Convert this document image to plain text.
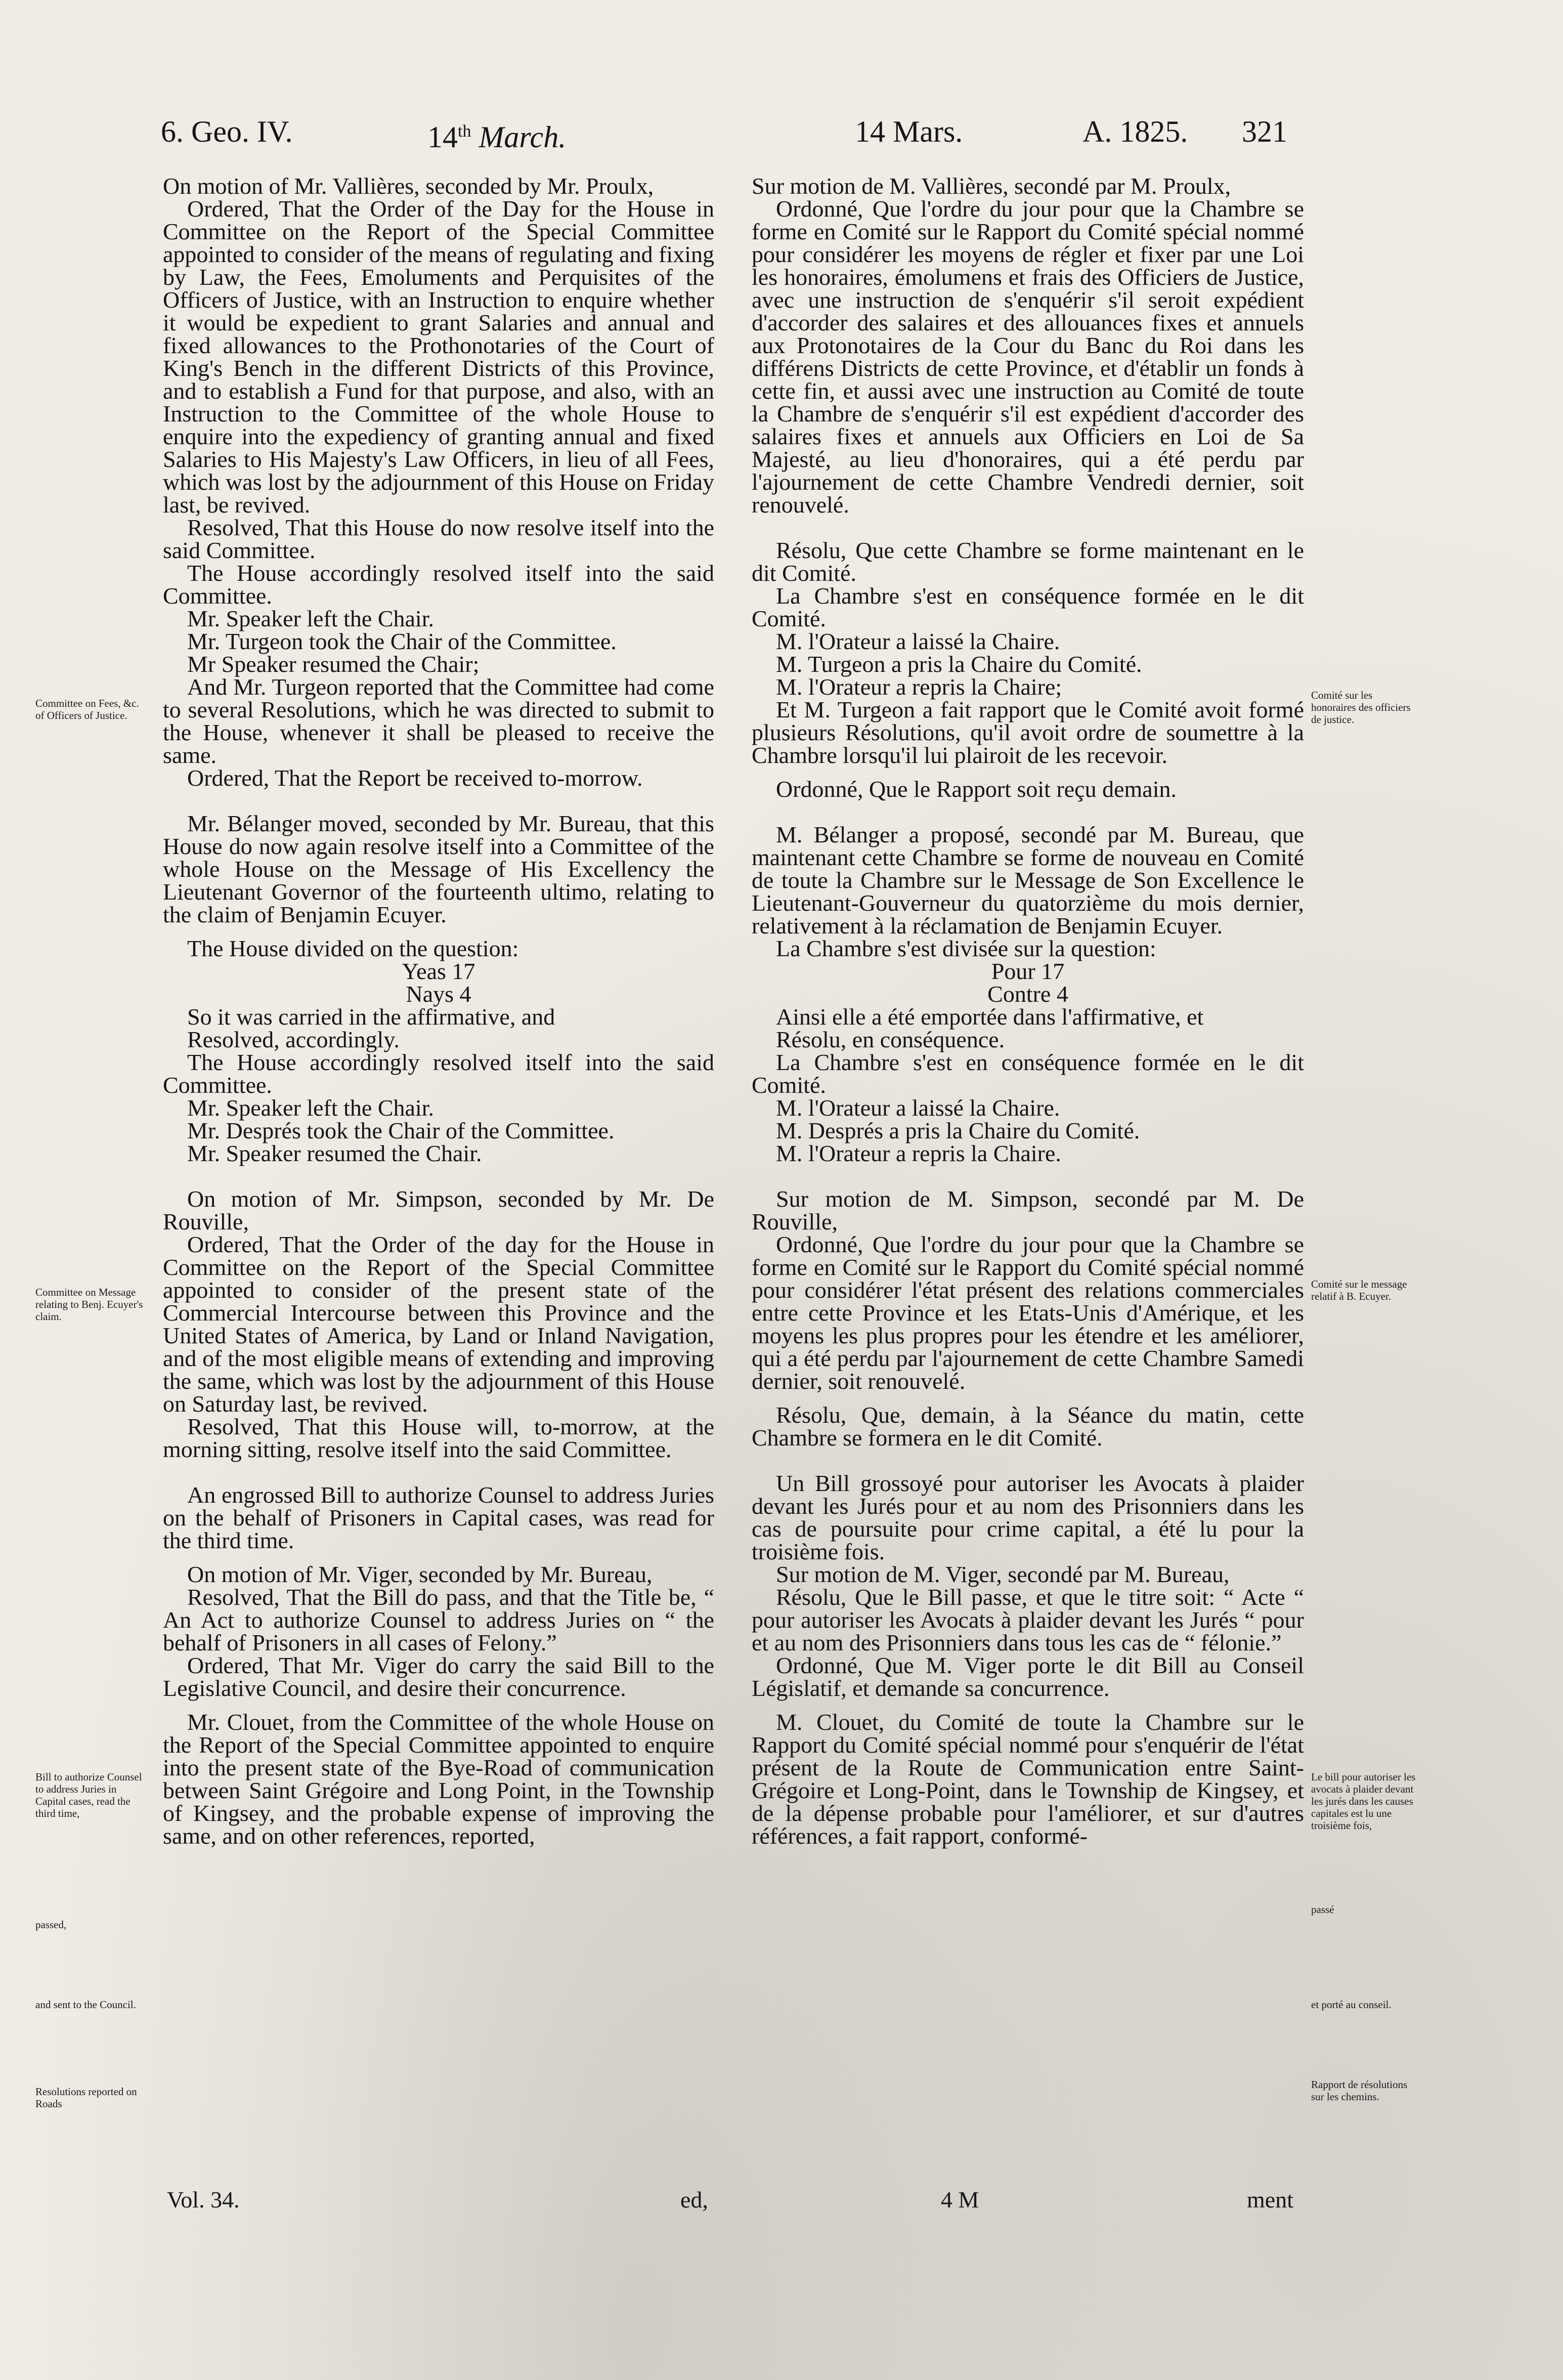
6. Geo. IV.	14th March.	14 Mars.	A. 1825. 321

On motion of Mr. Vallières, seconded by Mr. Proulx,

Ordered, That the Order of the Day for the House in Committee on the Report of the Special Committee appointed to consider of the means of regulating and fixing by Law, the Fees, Emoluments and Perquisites of the Officers of Justice, with an Instruction to enquire whether it would be expedient to grant Salaries and annual and fixed allowances to the Prothonotaries of the Court of King's Bench in the different Districts of this Province, and to establish a Fund for that purpose, and also, with an Instruction to the Committee of the whole House to enquire into the expediency of granting annual and fixed Salaries to His Majesty's Law Officers, in lieu of all Fees, which was lost by the adjournment of this House on Friday last, be revived.

Resolved, That this House do now resolve itself into the said Committee.

The House accordingly resolved itself into the said Committee.

Mr. Speaker left the Chair.

Mr. Turgeon took the Chair of the Committee.

Mr Speaker resumed the Chair;

And Mr. Turgeon reported that the Committee had come to several Resolutions, which he was directed to submit to the House, whenever it shall be pleased to receive the same.

Ordered, That the Report be received to-morrow.

Mr. Bélanger moved, seconded by Mr. Bureau, that this House do now again resolve itself into a Committee of the whole House on the Message of His Excellency the Lieutenant Governor of the fourteenth ultimo, relating to the claim of Benjamin Ecuyer.

The House divided on the question:

Yeas 17

Nays 4

So it was carried in the affirmative, and

Resolved, accordingly.

The House accordingly resolved itself into the said Committee.

Mr. Speaker left the Chair.

Mr. Després took the Chair of the Committee.

Mr. Speaker resumed the Chair.

On motion of Mr. Simpson, seconded by Mr. De Rouville,

Ordered, That the Order of the day for the House in Committee on the Report of the Special Committee appointed to consider of the present state of the Commercial Intercourse between this Province and the United States of America, by Land or Inland Navigation, and of the most eligible means of extending and improving the same, which was lost by the adjournment of this House on Saturday last, be revived.

Resolved, That this House will, to-morrow, at the morning sitting, resolve itself into the said Committee.

An engrossed Bill to authorize Counsel to address Juries on the behalf of Prisoners in Capital cases, was read for the third time.

On motion of Mr. Viger, seconded by Mr. Bureau,

Resolved, That the Bill do pass, and that the Title be, “ An Act to authorize Counsel to address Juries on “ the behalf of Prisoners in all cases of Felony.”

Ordered, That Mr. Viger do carry the said Bill to the Legislative Council, and desire their concurrence.

Mr. Clouet, from the Committee of the whole House on the Report of the Special Committee appointed to enquire into the present state of the Bye-Road of communication between Saint Grégoire and Long Point, in the Township of Kingsey, and the probable expense of improving the same, and on other references, reported,

Sur motion de M. Vallières, secondé par M. Proulx,

Ordonné, Que l'ordre du jour pour que la Chambre se forme en Comité sur le Rapport du Comité spécial nommé pour considérer les moyens de régler et fixer par une Loi les honoraires, émolumens et frais des Officiers de Justice, avec une instruction de s'enquérir s'il seroit expédient d'accorder des salaires et des allouances fixes et annuels aux Protonotaires de la Cour du Banc du Roi dans les différens Districts de cette Province, et d'établir un fonds à cette fin, et aussi avec une instruction au Comité de toute la Chambre de s'enquérir s'il est expédient d'accorder des salaires fixes et annuels aux Officiers en Loi de Sa Majesté, au lieu d'honoraires, qui a été perdu par l'ajournement de cette Chambre Vendredi dernier, soit renouvelé.

Résolu, Que cette Chambre se forme maintenant en le dit Comité.

La Chambre s'est en conséquence formée en le dit Comité.

M. l'Orateur a laissé la Chaire.

M. Turgeon a pris la Chaire du Comité.

M. l'Orateur a repris la Chaire;

Et M. Turgeon a fait rapport que le Comité avoit formé plusieurs Résolutions, qu'il avoit ordre de soumettre à la Chambre lorsqu'il lui plairoit de les recevoir.

Ordonné, Que le Rapport soit reçu demain.

M. Bélanger a proposé, secondé par M. Bureau, que maintenant cette Chambre se forme de nouveau en Comité de toute la Chambre sur le Message de Son Excellence le Lieutenant-Gouverneur du quatorzième du mois dernier, relativement à la réclamation de Benjamin Ecuyer.

La Chambre s'est divisée sur la question:

Pour 17

Contre 4

Ainsi elle a été emportée dans l'affirmative, et

Résolu, en conséquence.

La Chambre s'est en conséquence formée en le dit Comité.

M. l'Orateur a laissé la Chaire.

M. Després a pris la Chaire du Comité.

M. l'Orateur a repris la Chaire.

Sur motion de M. Simpson, secondé par M. De Rouville,

Ordonné, Que l'ordre du jour pour que la Chambre se forme en Comité sur le Rapport du Comité spécial nommé pour considérer l'état présent des relations commerciales entre cette Province et les Etats-Unis d'Amérique, et les moyens les plus propres pour les étendre et les améliorer, qui a été perdu par l'ajournement de cette Chambre Samedi dernier, soit renouvelé.

Résolu, Que, demain, à la Séance du matin, cette Chambre se formera en le dit Comité.

Un Bill grossoyé pour autoriser les Avocats à plaider devant les Jurés pour et au nom des Prisonniers dans les cas de poursuite pour crime capital, a été lu pour la troisième fois.

Sur motion de M. Viger, secondé par M. Bureau,

Résolu, Que le Bill passe, et que le titre soit: “ Acte “ pour autoriser les Avocats à plaider devant les Jurés “ pour et au nom des Prisonniers dans tous les cas de “ félonie.”

Ordonné, Que M. Viger porte le dit Bill au Conseil Législatif, et demande sa concurrence.

M. Clouet, du Comité de toute la Chambre sur le Rapport du Comité spécial nommé pour s'enquérir de l'état présent de la Route de Communication entre Saint-Grégoire et Long-Point, dans le Township de Kingsey, et de la dépense probable pour l'améliorer, et sur d'autres références, a fait rapport, conformé-

Committee on Fees, &c. of Officers of Justice.
Committee on Message relating to Benj. Ecuyer's claim.
Bill to authorize Counsel to address Juries in Capital cases, read the third time,
passed,
and sent to the Council.
Resolutions reported on Roads
Comité sur les honoraires des officiers de justice.
Comité sur le message relatif à B. Ecuyer.
Le bill pour autoriser les avocats à plaider devant les jurés dans les causes capitales est lu une troisième fois,
passé
et porté au conseil.
Rapport de résolutions sur les chemins.
Vol. 34.	ed,	4 M	ment
